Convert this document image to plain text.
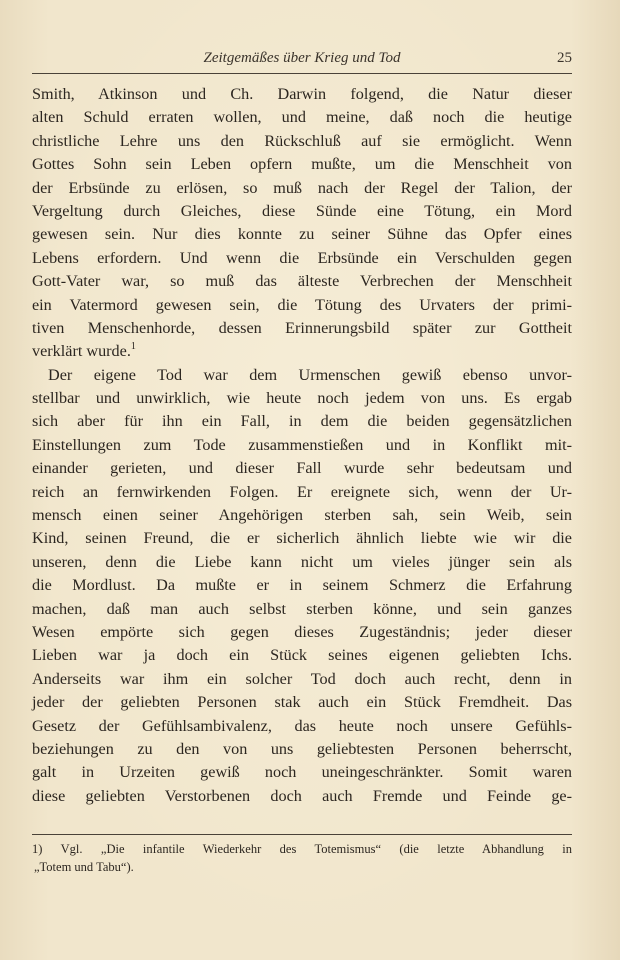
Zeitgemäßes über Krieg und Tod	25
Smith, Atkinson und Ch. Darwin folgend, die Natur dieser
alten Schuld erraten wollen, und meine, daß noch die heutige
christliche Lehre uns den Rückschluß auf sie ermöglicht. Wenn
Gottes Sohn sein Leben opfern mußte, um die Menschheit von
der Erbsünde zu erlösen, so muß nach der Regel der Talion, der
Vergeltung durch Gleiches, diese Sünde eine Tötung, ein Mord
gewesen sein. Nur dies konnte zu seiner Sühne das Opfer eines
Lebens erfordern. Und wenn die Erbsünde ein Verschulden gegen
Gott-Vater war, so muß das älteste Verbrechen der Menschheit
ein Vatermord gewesen sein, die Tötung des Urvaters der primi-
tiven Menschenhorde, dessen Erinnerungsbild später zur Gottheit
verklärt wurde.$^1$
Der eigene Tod war dem Urmenschen gewiß ebenso unvor-
stellbar und unwirklich, wie heute noch jedem von uns. Es ergab
sich aber für ihn ein Fall, in dem die beiden gegensätzlichen
Einstellungen zum Tode zusammenstießen und in Konflikt mit-
einander gerieten, und dieser Fall wurde sehr bedeutsam und
reich an fernwirkenden Folgen. Er ereignete sich, wenn der Ur-
mensch einen seiner Angehörigen sterben sah, sein Weib, sein
Kind, seinen Freund, die er sicherlich ähnlich liebte wie wir die
unseren, denn die Liebe kann nicht um vieles jünger sein als
die Mordlust. Da mußte er in seinem Schmerz die Erfahrung
machen, daß man auch selbst sterben könne, und sein ganzes
Wesen empörte sich gegen dieses Zugeständnis; jeder dieser
Lieben war ja doch ein Stück seines eigenen geliebten Ichs.
Anderseits war ihm ein solcher Tod doch auch recht, denn in
jeder der geliebten Personen stak auch ein Stück Fremdheit. Das
Gesetz der Gefühlsambivalenz, das heute noch unsere Gefühls-
beziehungen zu den von uns geliebtesten Personen beherrscht,
galt in Urzeiten gewiß noch uneingeschränkter. Somit waren
diese geliebten Verstorbenen doch auch Fremde und Feinde ge-
1) Vgl. „Die infantile Wiederkehr des Totemismus“ (die letzte Abhandlung in
„Totem und Tabu“).
